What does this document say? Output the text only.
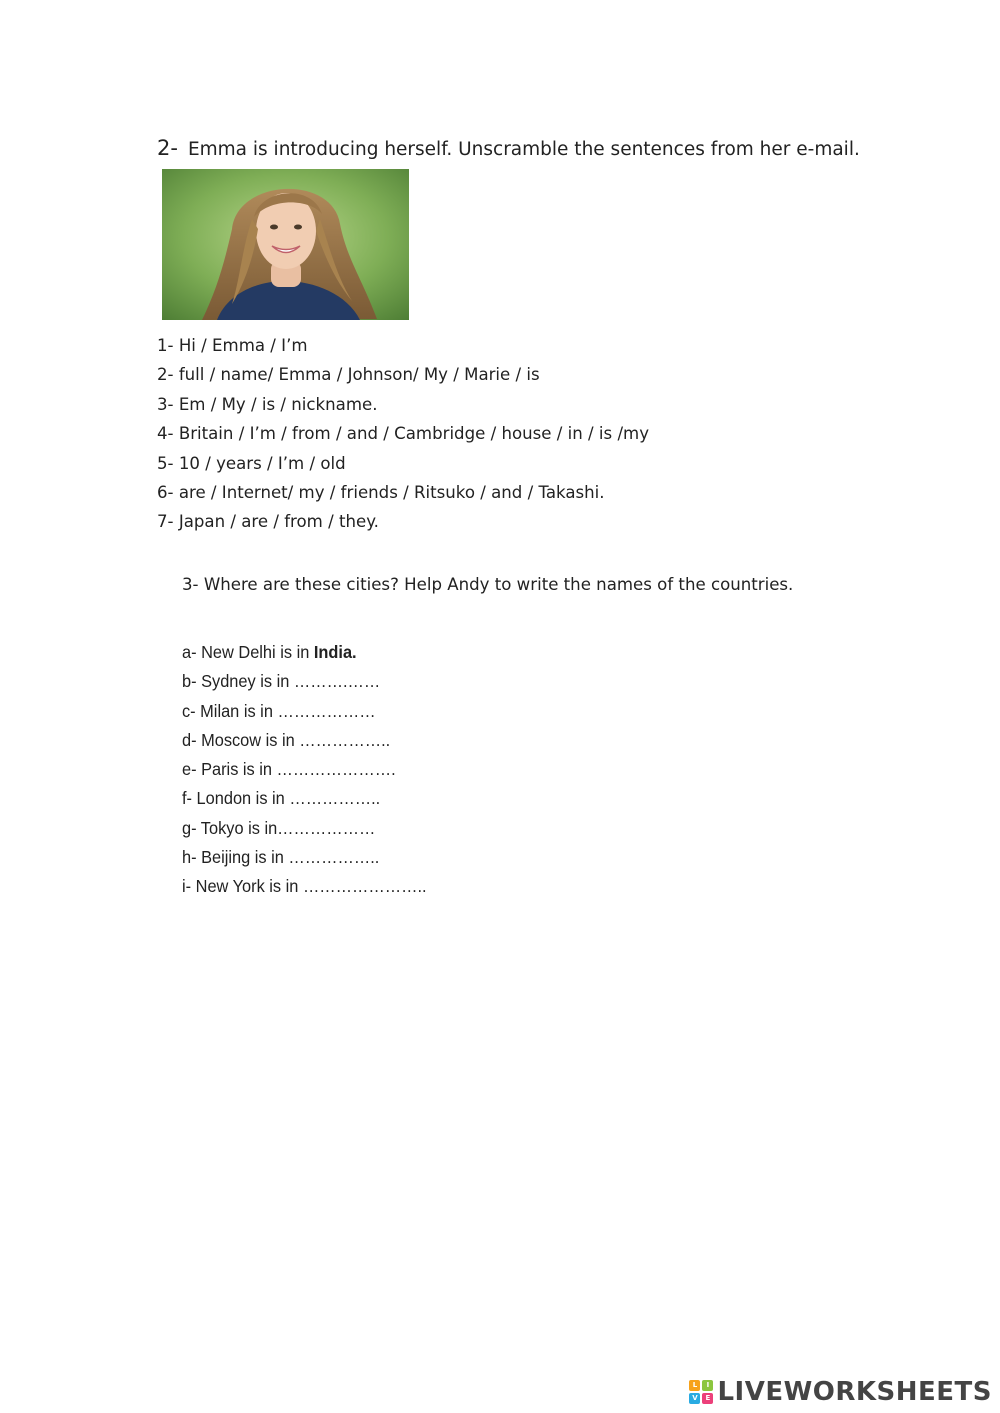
2- Emma is introducing herself. Unscramble the sentences from her e-mail.
1- Hi / Emma / I’m
2- full / name/ Emma / Johnson/ My / Marie / is
3- Em / My / is / nickname.
4- Britain / I’m / from / and / Cambridge / house / in / is /my
5- 10 / years / I’m / old
6- are / Internet/ my / friends / Ritsuko / and / Takashi.
7- Japan / are / from / they.
3- Where are these cities? Help Andy to write the names of the countries.
a- New Delhi is in India.
b- Sydney is in ……….……
c- Milan is in ………………
d- Moscow is in ……………..
e- Paris is in ………………….
f- London is in ……………..
g- Tokyo is in………………
h- Beijing is in ……………..
i- New York is in …………………..
L	I
V	E LIVEWORKSHEETS
